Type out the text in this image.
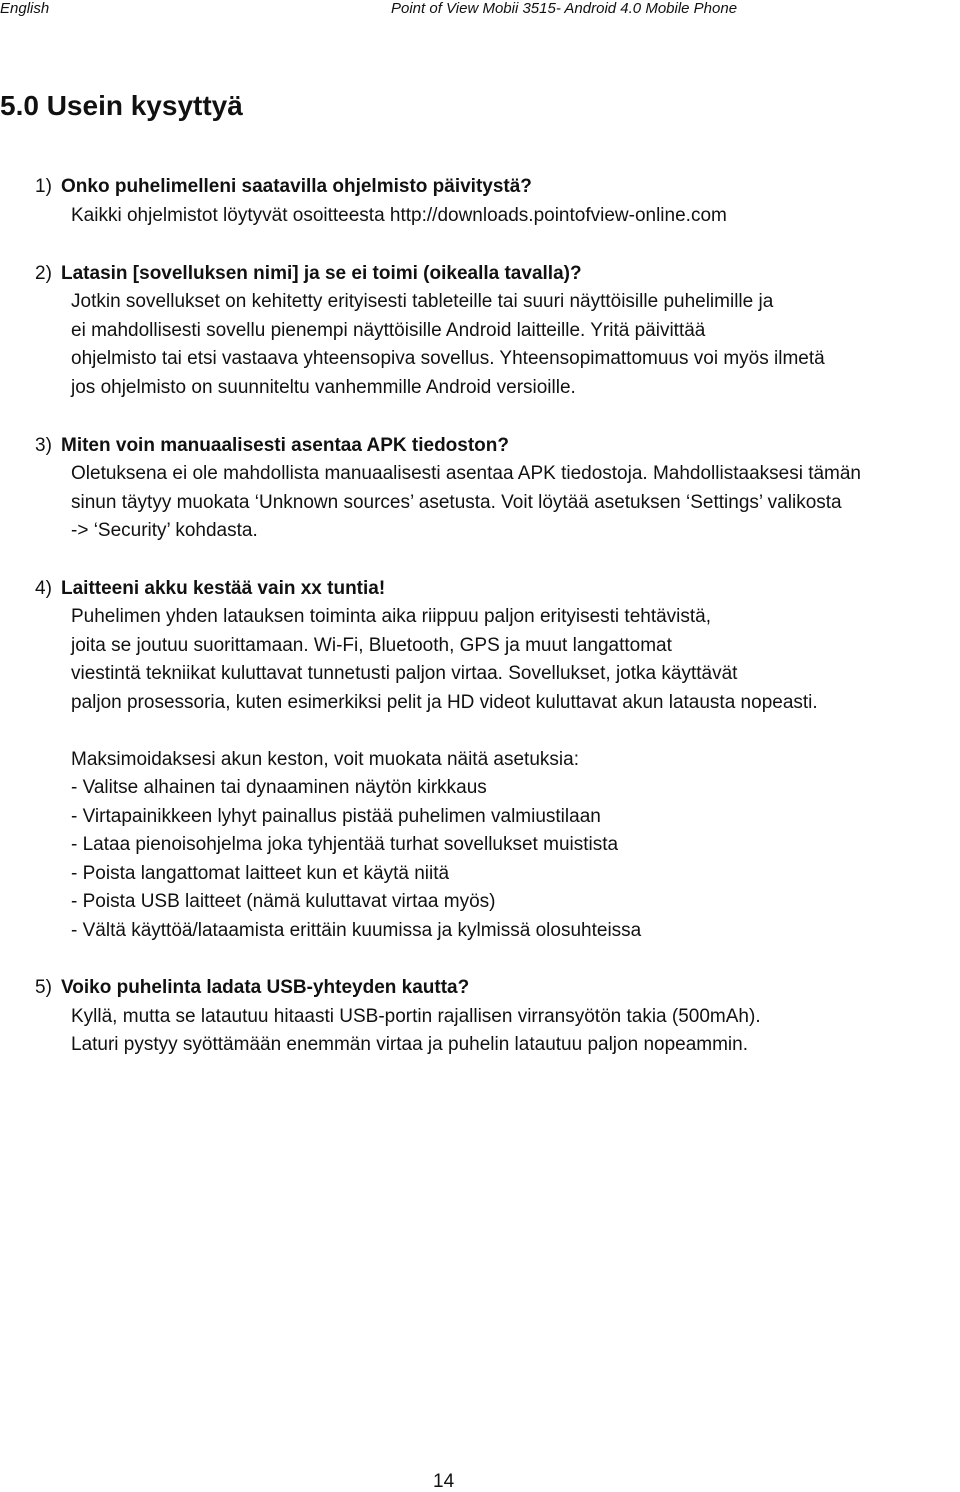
English	Point of View Mobii 3515- Android 4.0 Mobile Phone
5.0 Usein kysyttyä
1) Onko puhelimelleni saatavilla ohjelmisto päivitystä?

Kaikki ohjelmistot löytyvät osoitteesta http://downloads.pointofview-online.com

2) Latasin [sovelluksen nimi] ja se ei toimi (oikealla tavalla)?

Jotkin sovellukset on kehitetty erityisesti tableteille tai suuri näyttöisille puhelimille ja

ei mahdollisesti sovellu pienempi näyttöisille Android laitteille. Yritä päivittää

ohjelmisto tai etsi vastaava yhteensopiva sovellus. Yhteensopimattomuus voi myös ilmetä

jos ohjelmisto on suunniteltu vanhemmille Android versioille.

3) Miten voin manuaalisesti asentaa APK tiedoston?

Oletuksena ei ole mahdollista manuaalisesti asentaa APK tiedostoja. Mahdollistaaksesi tämän

sinun täytyy muokata ‘Unknown sources’ asetusta. Voit löytää asetuksen ‘Settings’ valikosta

-> ‘Security’ kohdasta.

4) Laitteeni akku kestää vain xx tuntia!

Puhelimen yhden latauksen toiminta aika riippuu paljon erityisesti tehtävistä,

joita se joutuu suorittamaan. Wi-Fi, Bluetooth, GPS ja muut langattomat

viestintä tekniikat kuluttavat tunnetusti paljon virtaa. Sovellukset, jotka käyttävät

paljon prosessoria, kuten esimerkiksi pelit ja HD videot kuluttavat akun latausta nopeasti.

Maksimoidaksesi akun keston, voit muokata näitä asetuksia:

- Valitse alhainen tai dynaaminen näytön kirkkaus

- Virtapainikkeen lyhyt painallus pistää puhelimen valmiustilaan

- Lataa pienoisohjelma joka tyhjentää turhat sovellukset muistista

- Poista langattomat laitteet kun et käytä niitä

- Poista USB laitteet (nämä kuluttavat virtaa myös)

- Vältä käyttöä/lataamista erittäin kuumissa ja kylmissä olosuhteissa

5) Voiko puhelinta ladata USB-yhteyden kautta?

Kyllä, mutta se latautuu hitaasti USB-portin rajallisen virransyötön takia (500mAh).

Laturi pystyy syöttämään enemmän virtaa ja puhelin latautuu paljon nopeammin.

14
